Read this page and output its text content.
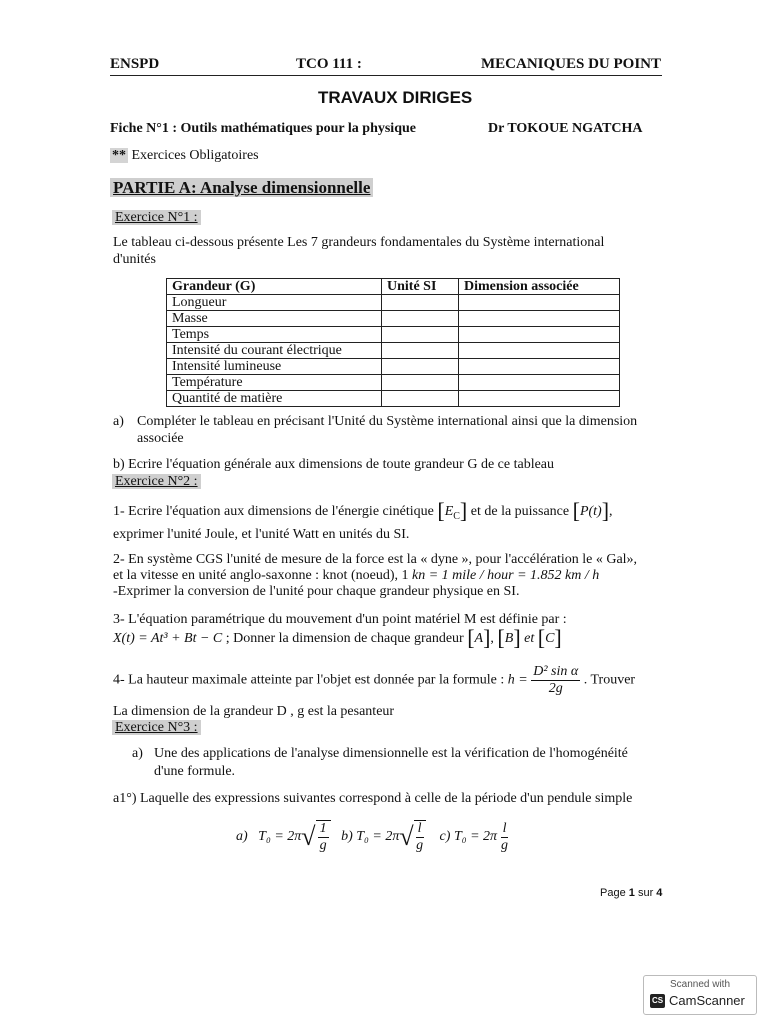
ENSPD	TCO 111 :	MECANIQUES DU POINT
TRAVAUX DIRIGES
Fiche N°1 : Outils mathématiques pour la physique	Dr TOKOUE NGATCHA
** Exercices Obligatoires
PARTIE A: Analyse dimensionnelle
Exercice N°1 :
Le tableau ci-dessous présente Les 7 grandeurs fondamentales du Système international
d'unités
Grandeur (G)	Unité SI	Dimension associée
Longueur		
Masse		
Temps		
Intensité du courant électrique		
Intensité lumineuse		
Température		
Quantité de matière		
a) Compléter le tableau en précisant l'Unité du Système international ainsi que la dimension
associée
b) Ecrire l'équation générale aux dimensions de toute grandeur G de ce tableau
Exercice N°2 :
1- Ecrire l'équation aux dimensions de l'énergie cinétique $[E_C]$ et de la puissance [P(t)],
exprimer l'unité Joule, et l'unité Watt en unités du SI.
2- En système CGS l'unité de mesure de la force est la « dyne », pour l'accélération le « Gal»,
et la vitesse en unité anglo-saxonne : knot (noeud), 1 kn = 1 mile / hour = 1.852 km / h
-Exprimer la conversion de l'unité pour chaque grandeur physique en SI.
3- L'équation paramétrique du mouvement d'un point matériel M est définie par :
X(t) = At³ + Bt − C ; Donner la dimension de chaque grandeur [A], [B] et [C]
4- La hauteur maximale atteinte par l'objet est donnée par la formule : $h = \frac{\text{D² sin α}}{2g}$ . Trouver
La dimension de la grandeur D , g est la pesanteur
Exercice N°3 :
a) Une des applications de l'analyse dimensionnelle est la vérification de l'homogénéité
d'une formule.
a1°) Laquelle des expressions suivantes correspond à celle de la période d'un pendule simple
a) $T_0 = 2\pi√ \frac{1}{g} b$) $T_0 = 2\pi√ \frac{l}{g} c$) $T_0 = 2\pi \frac{l}{g}$
Page 1 sur 4
Scanned with
CS CamScanner
